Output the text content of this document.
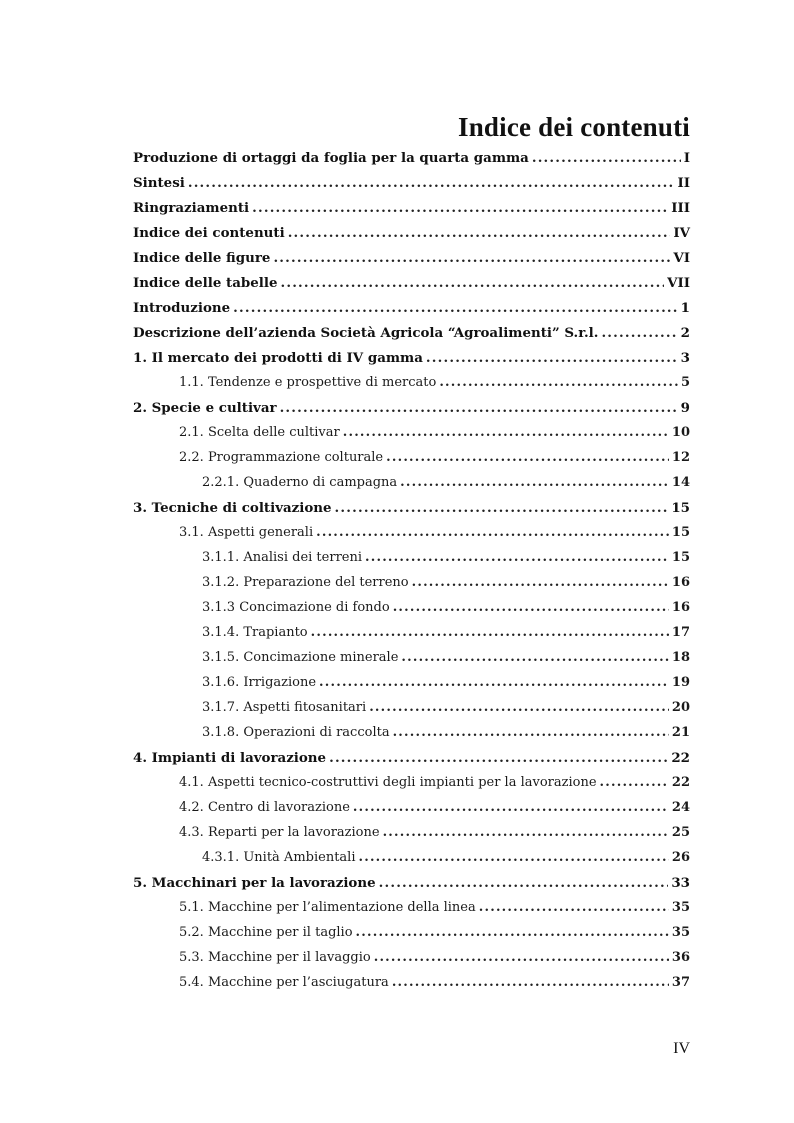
Indice dei contenuti
Produzione di ortaggi da foglia per la quarta gamma .....	I
Sintesi .....	II
Ringraziamenti .....	III
Indice dei contenuti .....	IV
Indice delle figure .....	VI
Indice delle tabelle .....	VII
Introduzione .....	1
Descrizione dell’azienda Società Agricola “Agroalimenti” S.r.l. .....	2
1. Il mercato dei prodotti di IV gamma .....	3
1.1. Tendenze e prospettive di mercato .....	5
2. Specie e cultivar .....	9
2.1. Scelta delle cultivar .....	10
2.2. Programmazione colturale .....	12
2.2.1. Quaderno di campagna .....	14
3. Tecniche di coltivazione .....	15
3.1. Aspetti generali .....	15
3.1.1. Analisi dei terreni .....	15
3.1.2. Preparazione del terreno .....	16
3.1.3 Concimazione di fondo .....	16
3.1.4. Trapianto .....	17
3.1.5. Concimazione minerale .....	18
3.1.6. Irrigazione .....	19
3.1.7. Aspetti fitosanitari .....	20
3.1.8. Operazioni di raccolta .....	21
4. Impianti di lavorazione .....	22
4.1. Aspetti tecnico-costruttivi degli impianti per la lavorazione .....	22
4.2. Centro di lavorazione .....	24
4.3. Reparti per la lavorazione .....	25
4.3.1. Unità Ambientali .....	26
5. Macchinari per la lavorazione .....	33
5.1. Macchine per l’alimentazione della linea .....	35
5.2. Macchine per il taglio .....	35
5.3. Macchine per il lavaggio .....	36
5.4. Macchine per l’asciugatura .....	37
IV
